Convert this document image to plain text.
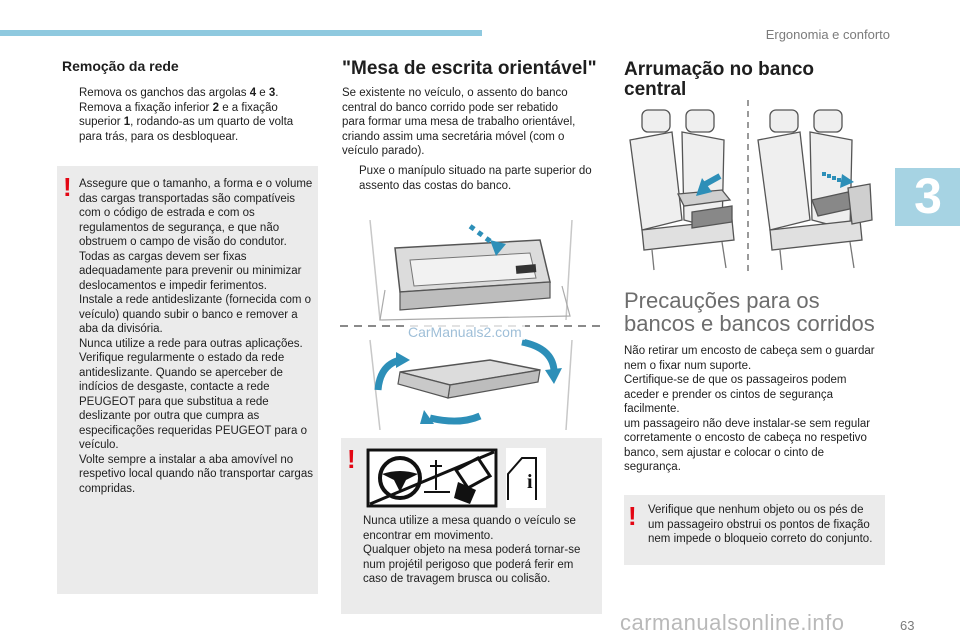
Ergonomia e conforto
3
Remoção da rede
Remova os ganchos das argolas 4 e 3.
Remova a fixação inferior 2 e a fixação superior 1, rodando-as um quarto de volta para trás, para os desbloquear.
! Assegure que o tamanho, a forma e o volume das cargas transportadas são compatíveis com o código de estrada e com os regulamentos de segurança, e que não obstruem o campo de visão do condutor.
Todas as cargas devem ser fixas adequadamente para prevenir ou minimizar deslocamentos e impedir ferimentos.
Instale a rede antideslizante (fornecida com o veículo) quando subir o banco e remover a aba da divisória.
Nunca utilize a rede para outras aplicações.
Verifique regularmente o estado da rede antideslizante. Quando se aperceber de indícios de desgaste, contacte a rede PEUGEOT para que substitua a rede deslizante por outra que cumpra as especificações requeridas PEUGEOT para o veículo.
Volte sempre a instalar a aba amovível no respetivo local quando não transportar cargas compridas.
"Mesa de escrita orientável"
Se existente no veículo, o assento do banco central do banco corrido pode ser rebatido para formar uma mesa de trabalho orientável, criando assim uma secretária móvel (com o veículo parado).
Puxe o manípulo situado na parte superior do assento das costas do banco.
CarManuals2.com
!
i
Nunca utilize a mesa quando o veículo se encontrar em movimento.
Qualquer objeto na mesa poderá tornar-se num projétil perigoso que poderá ferir em caso de travagem brusca ou colisão.
Arrumação no banco central
Precauções para os bancos e bancos corridos
Não retirar um encosto de cabeça sem o guardar nem o fixar num suporte.
Certifique-se de que os passageiros podem aceder e prender os cintos de segurança facilmente.
um passageiro não deve instalar-se sem regular corretamente o encosto de cabeça no respetivo banco, sem ajustar e colocar o cinto de segurança.
! Verifique que nenhum objeto ou os pés de um passageiro obstrui os pontos de fixação nem impede o bloqueio correto do conjunto.
63
carmanualsonline.info
